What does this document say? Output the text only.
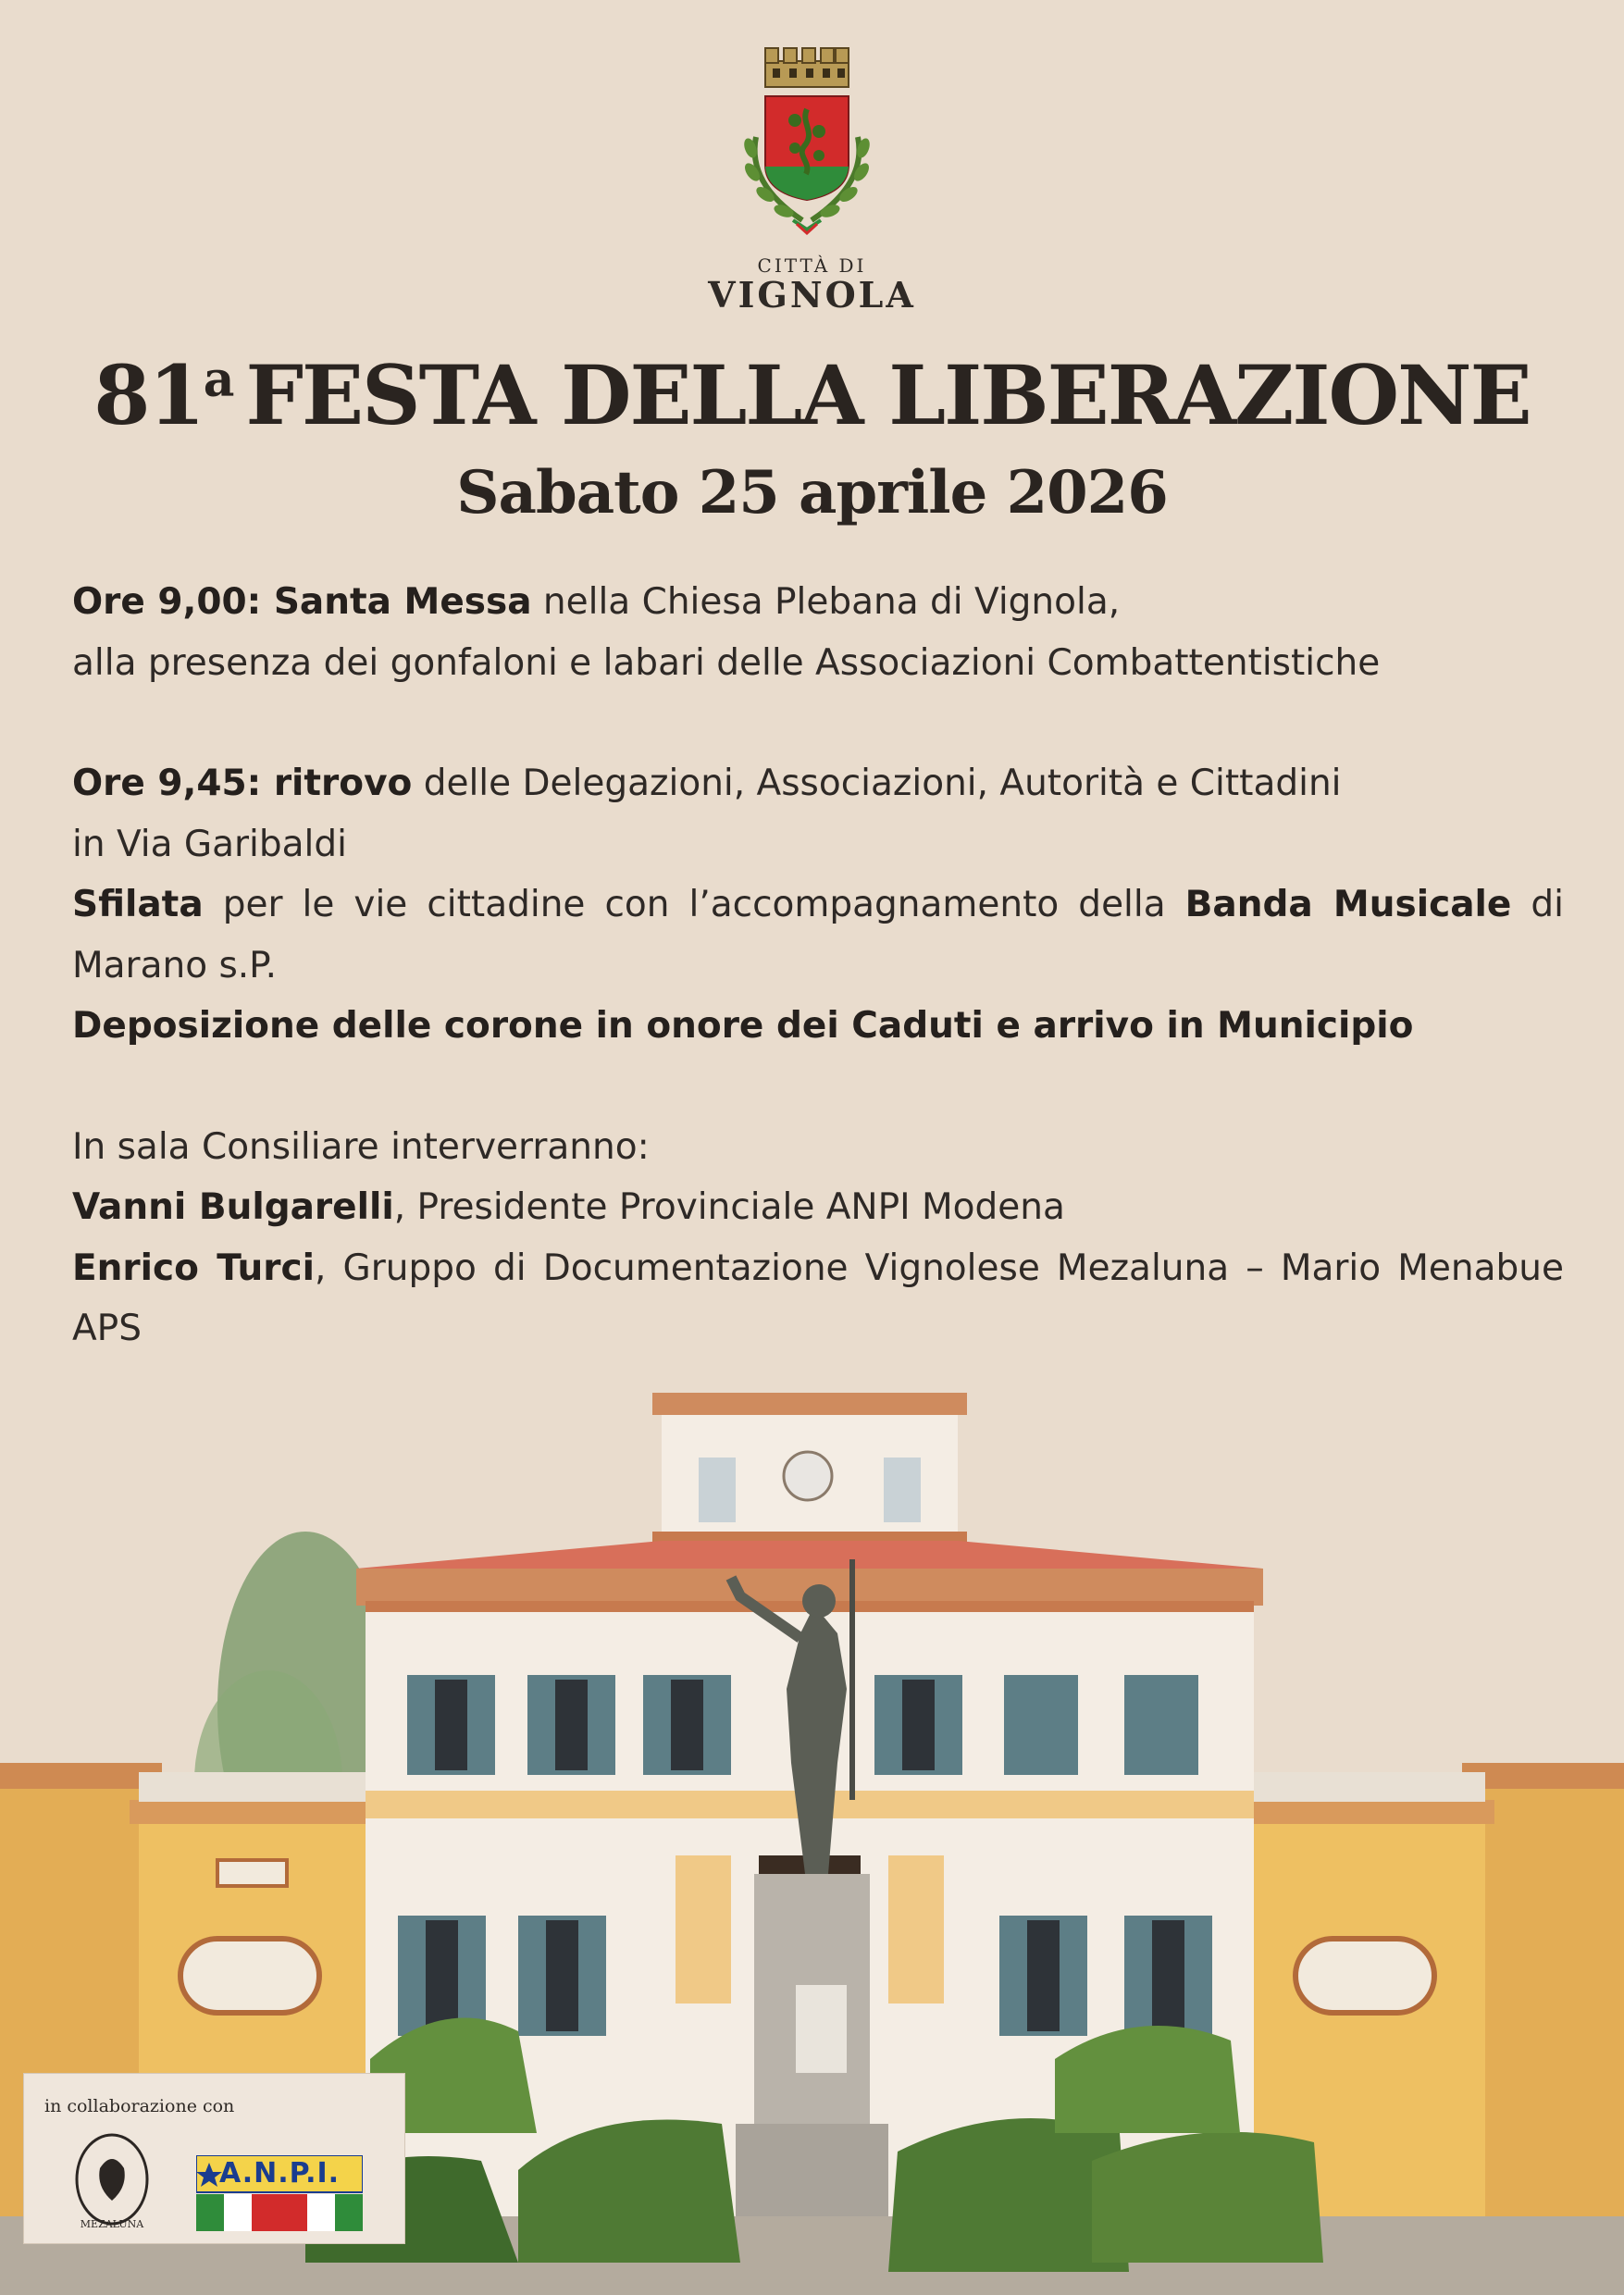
CITTÀ DI
VIGNOLA
81$^a$ FESTA DELLA LIBERAZIONE
Sabato 25 aprile 2026

Ore 9,00: Santa Messa nella Chiesa Plebana di Vignola,

alla presenza dei gonfaloni e labari delle Associazioni Combattentistiche

Ore 9,45: ritrovo delle Delegazioni, Associazioni, Autorità e Cittadini

in Via Garibaldi

Sfilata per le vie cittadine con l’accompagnamento della Banda Musicale di Marano s.P.

Deposizione delle corone in onore dei Caduti e arrivo in Municipio

In sala Consiliare interverranno:

Vanni Bulgarelli, Presidente Provinciale ANPI Modena

Enrico Turci, Gruppo di Documentazione Vignolese Mezaluna – Mario Menabue APS

in collaborazione con
MEZALUNA
A.N.P.I.
